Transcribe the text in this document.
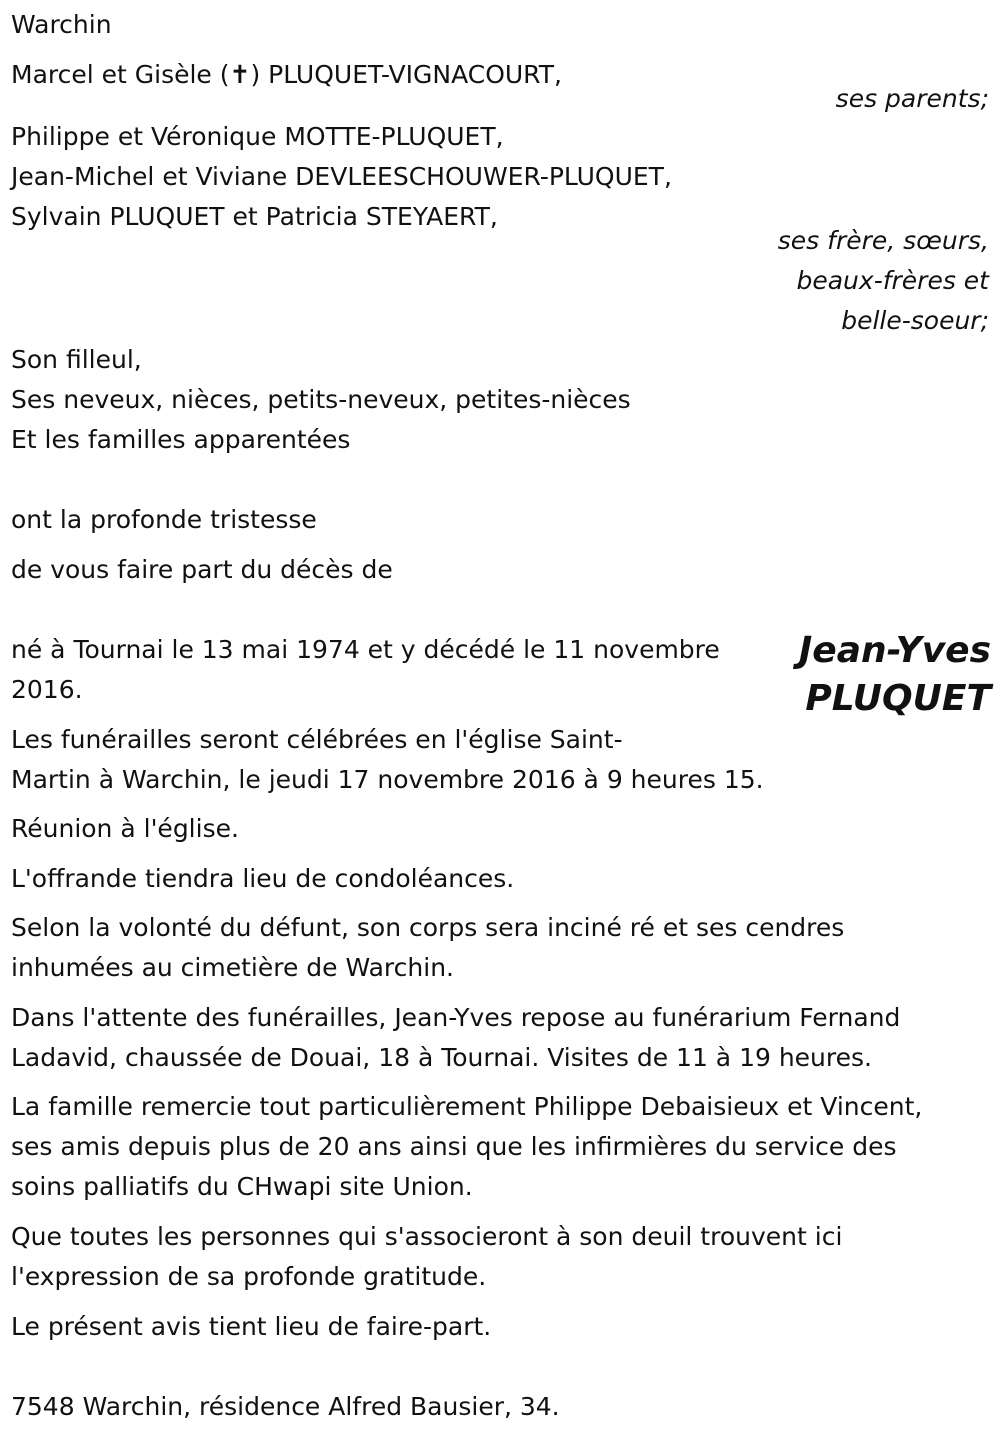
Warchin
Marcel et Gisèle (✝) PLUQUET-VIGNACOURT,
ses parents;
Philippe et Véronique MOTTE-PLUQUET,
Jean-Michel et Viviane DEVLEESCHOUWER-PLUQUET,
Sylvain PLUQUET et Patricia STEYAERT,
ses frère, sœurs,
beaux-frères et
belle-soeur;
Son filleul,
Ses neveux, nièces, petits-neveux, petites-nièces
Et les familles apparentées
ont la profonde tristesse
de vous faire part du décès de
Jean-Yves
PLUQUET
né à Tournai le 13 mai 1974 et y décédé le 11 novembre
2016.
Les funérailles seront célébrées en l'église Saint-
Martin à Warchin, le jeudi 17 novembre 2016 à 9 heures 15.
Réunion à l'église.
L'offrande tiendra lieu de condoléances.
Selon la volonté du défunt, son corps sera inciné ré et ses cendres
inhumées au cimetière de Warchin.
Dans l'attente des funérailles, Jean-Yves repose au funérarium Fernand
Ladavid, chaussée de Douai, 18 à Tournai. Visites de 11 à 19 heures.
La famille remercie tout particulièrement Philippe Debaisieux et Vincent,
ses amis depuis plus de 20 ans ainsi que les infirmières du service des
soins palliatifs du CHwapi site Union.
Que toutes les personnes qui s'associeront à son deuil trouvent ici
l'expression de sa profonde gratitude.
Le présent avis tient lieu de faire-part.
7548 Warchin, résidence Alfred Bausier, 34.
